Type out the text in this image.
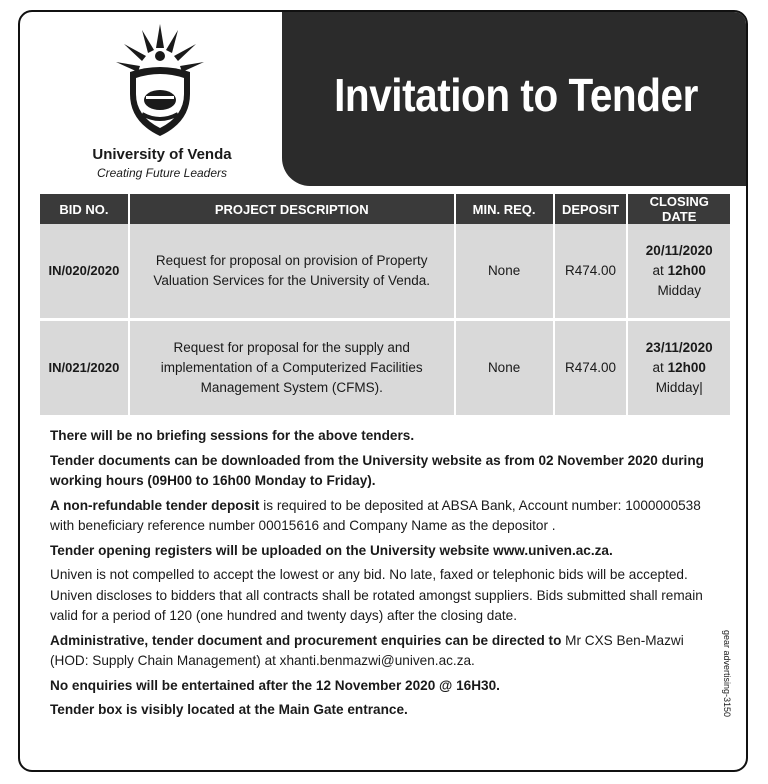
University of Venda
Creating Future Leaders
Invitation to Tender
BID NO.	PROJECT DESCRIPTION	MIN. REQ.	DEPOSIT	CLOSING DATE
IN/020/2020	Request for proposal on provision of Property Valuation Services for the University of Venda.	None	R474.00	20/11/2020
at 12h00
Midday

IN/021/2020	Request for proposal for the supply and implementation of a Computerized Facilities Management System (CFMS).	None	R474.00	23/11/2020
at 12h00
Midday|

There will be no briefing sessions for the above tenders.

Tender documents can be downloaded from the University website as from 02 November 2020 during working hours (09H00 to 16h00 Monday to Friday).

A non-refundable tender deposit is required to be deposited at ABSA Bank, Account number: 1000000538 with beneficiary reference number 00015616 and Company Name as the depositor .

Tender opening registers will be uploaded on the University website www.univen.ac.za.

Univen is not compelled to accept the lowest or any bid. No late, faxed or telephonic bids will be accepted. Univen discloses to bidders that all contracts shall be rotated amongst suppliers. Bids submitted shall remain valid for a period of 120 (one hundred and twenty days) after the closing date.

Administrative, tender document and procurement enquiries can be directed to Mr CXS Ben-Mazwi (HOD: Supply Chain Management) at xhanti.benmazwi@univen.ac.za.

No enquiries will be entertained after the 12 November 2020 @ 16H30.

Tender box is visibly located at the Main Gate entrance.	gear advertising-3150
